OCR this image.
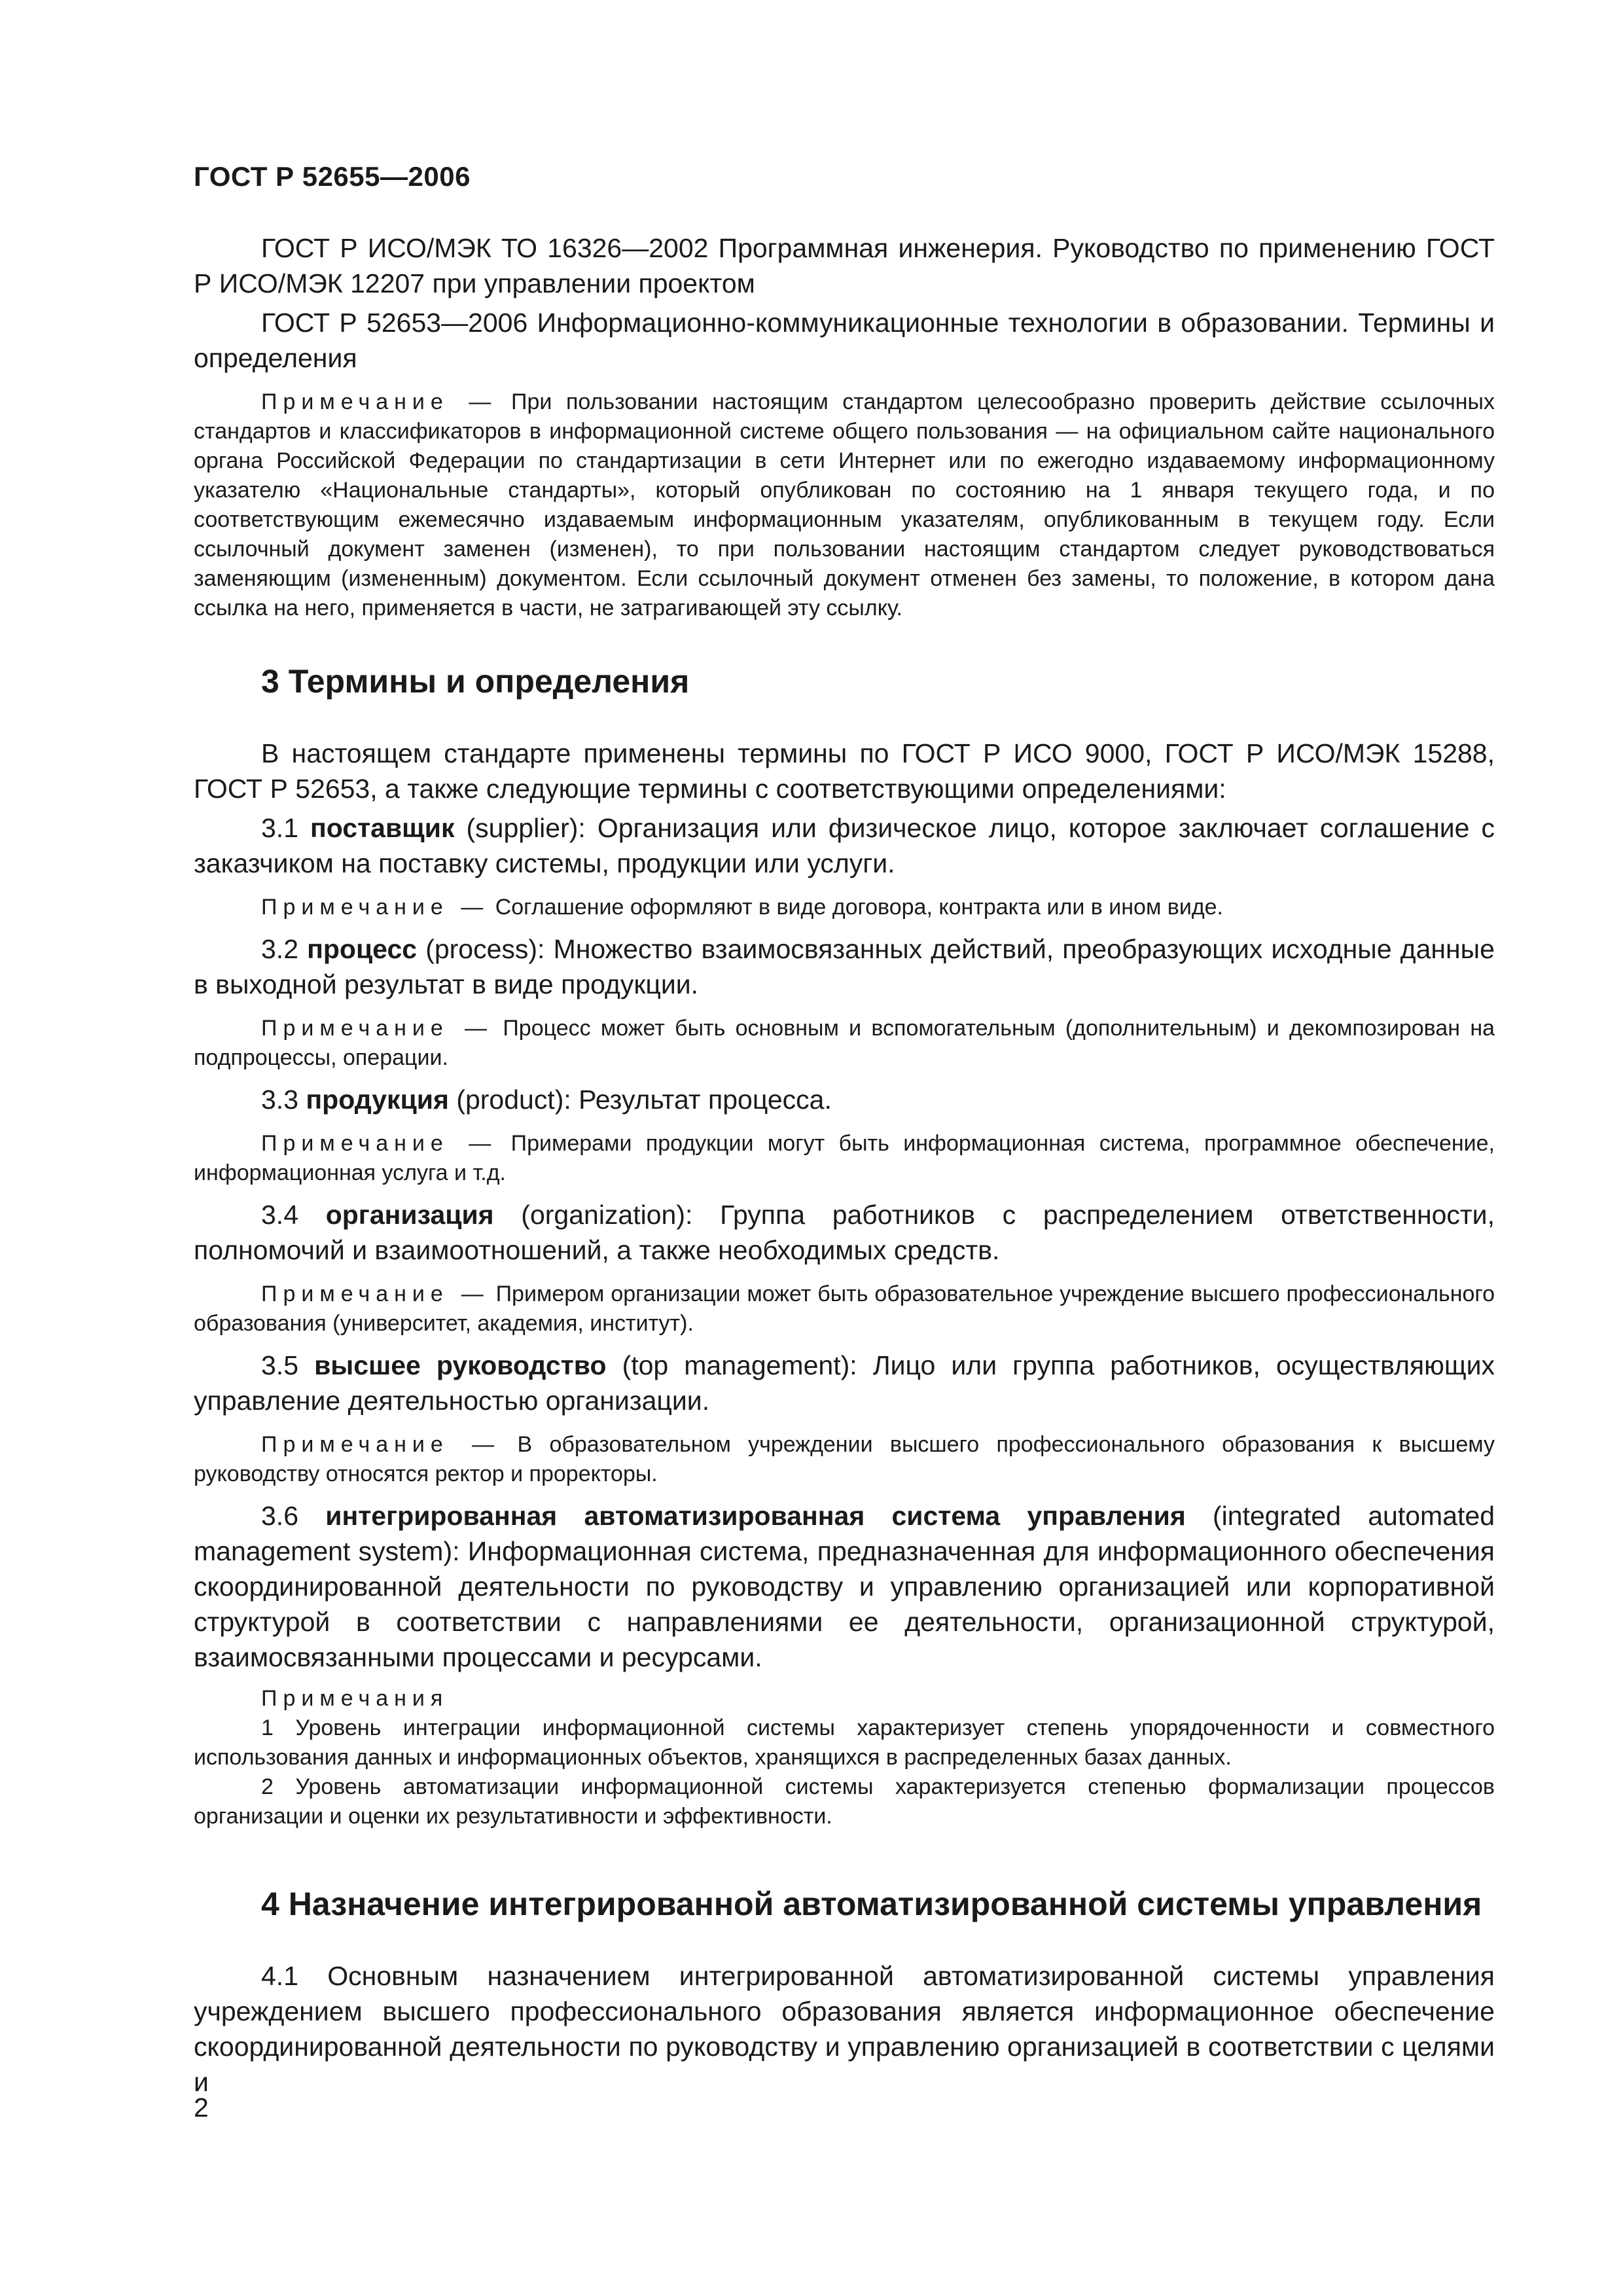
ГОСТ Р 52655—2006

ГОСТ Р ИСО/МЭК ТО 16326—2002 Программная инженерия. Руководство по применению ГОСТ Р ИСО/МЭК 12207 при управлении проектом

ГОСТ Р 52653—2006 Информационно-коммуникационные технологии в образовании. Термины и определения

Примечание — При пользовании настоящим стандартом целесообразно проверить действие ссылочных стандартов и классификаторов в информационной системе общего пользования — на официальном сайте национального органа Российской Федерации по стандартизации в сети Интернет или по ежегодно издаваемому информационному указателю «Национальные стандарты», который опубликован по состоянию на 1 января текущего года, и по соответствующим ежемесячно издаваемым информационным указателям, опубликованным в текущем году. Если ссылочный документ заменен (изменен), то при пользовании настоящим стандартом следует руководствоваться заменяющим (измененным) документом. Если ссылочный документ отменен без замены, то положение, в котором дана ссылка на него, применяется в части, не затрагивающей эту ссылку.

3 Термины и определения

В настоящем стандарте применены термины по ГОСТ Р ИСО 9000, ГОСТ Р ИСО/МЭК 15288, ГОСТ Р 52653, а также следующие термины с соответствующими определениями:

3.1 поставщик (supplier): Организация или физическое лицо, которое заключает соглашение с заказчиком на поставку системы, продукции или услуги.

Примечание — Соглашение оформляют в виде договора, контракта или в ином виде.

3.2 процесс (process): Множество взаимосвязанных действий, преобразующих исходные данные в выходной результат в виде продукции.

Примечание — Процесс может быть основным и вспомогательным (дополнительным) и декомпозирован на подпроцессы, операции.

3.3 продукция (product): Результат процесса.

Примечание — Примерами продукции могут быть информационная система, программное обеспечение, информационная услуга и т.д.

3.4 организация (organization): Группа работников с распределением ответственности, полномочий и взаимоотношений, а также необходимых средств.

Примечание — Примером организации может быть образовательное учреждение высшего профессионального образования (университет, академия, институт).

3.5 высшее руководство (top management): Лицо или группа работников, осуществляющих управление деятельностью организации.

Примечание — В образовательном учреждении высшего профессионального образования к высшему руководству относятся ректор и проректоры.

3.6 интегрированная автоматизированная система управления (integrated automated management system): Информационная система, предназначенная для информационного обеспечения скоординированной деятельности по руководству и управлению организацией или корпоративной структурой в соответствии с направлениями ее деятельности, организационной структурой, взаимосвязанными процессами и ресурсами.

Примечания

1 Уровень интеграции информационной системы характеризует степень упорядоченности и совместного использования данных и информационных объектов, хранящихся в распределенных базах данных.

2 Уровень автоматизации информационной системы характеризуется степенью формализации процессов организации и оценки их результативности и эффективности.

4 Назначение интегрированной автоматизированной системы управления

4.1 Основным назначением интегрированной автоматизированной системы управления учреждением высшего профессионального образования является информационное обеспечение скоординированной деятельности по руководству и управлению организацией в соответствии с целями и

2
